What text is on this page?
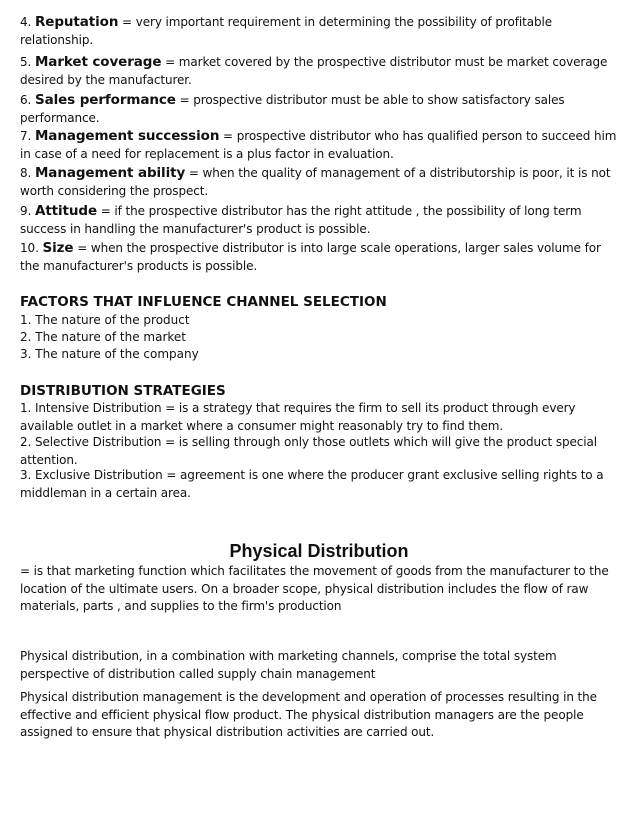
4. Reputation = very important requirement in determining the possibility of profitable relationship.

5. Market coverage = market covered by the prospective distributor must be market coverage desired by the manufacturer.

6. Sales performance = prospective distributor must be able to show satisfactory sales performance.

7. Management succession = prospective distributor who has qualified person to succeed him in case of a need for replacement is a plus factor in evaluation.

8. Management ability = when the quality of management of a distributorship is poor, it is not worth considering the prospect.

9. Attitude = if the prospective distributor has the right attitude , the possibility of long term success in handling the manufacturer's product is possible.

10. Size = when the prospective distributor is into large scale operations, larger sales volume for the manufacturer's products is possible.

FACTORS THAT INFLUENCE CHANNEL SELECTION
1. The nature of the product
2. The nature of the market
3. The nature of the company
DISTRIBUTION STRATEGIES

1. Intensive Distribution = is a strategy that requires the firm to sell its product through every available outlet in a market where a consumer might reasonably try to find them.

2. Selective Distribution = is selling through only those outlets which will give the product special attention.

3. Exclusive Distribution = agreement is one where the producer grant exclusive selling rights to a middleman in a certain area.

Physical Distribution

= is that marketing function which facilitates the movement of goods from the manufacturer to the location of the ultimate users. On a broader scope, physical distribution includes the flow of raw materials, parts , and supplies to the firm's production

Physical distribution, in a combination with marketing channels, comprise the total system perspective of distribution called supply chain management

Physical distribution management is the development and operation of processes resulting in the effective and efficient physical flow product. The physical distribution managers are the people assigned to ensure that physical distribution activities are carried out.
